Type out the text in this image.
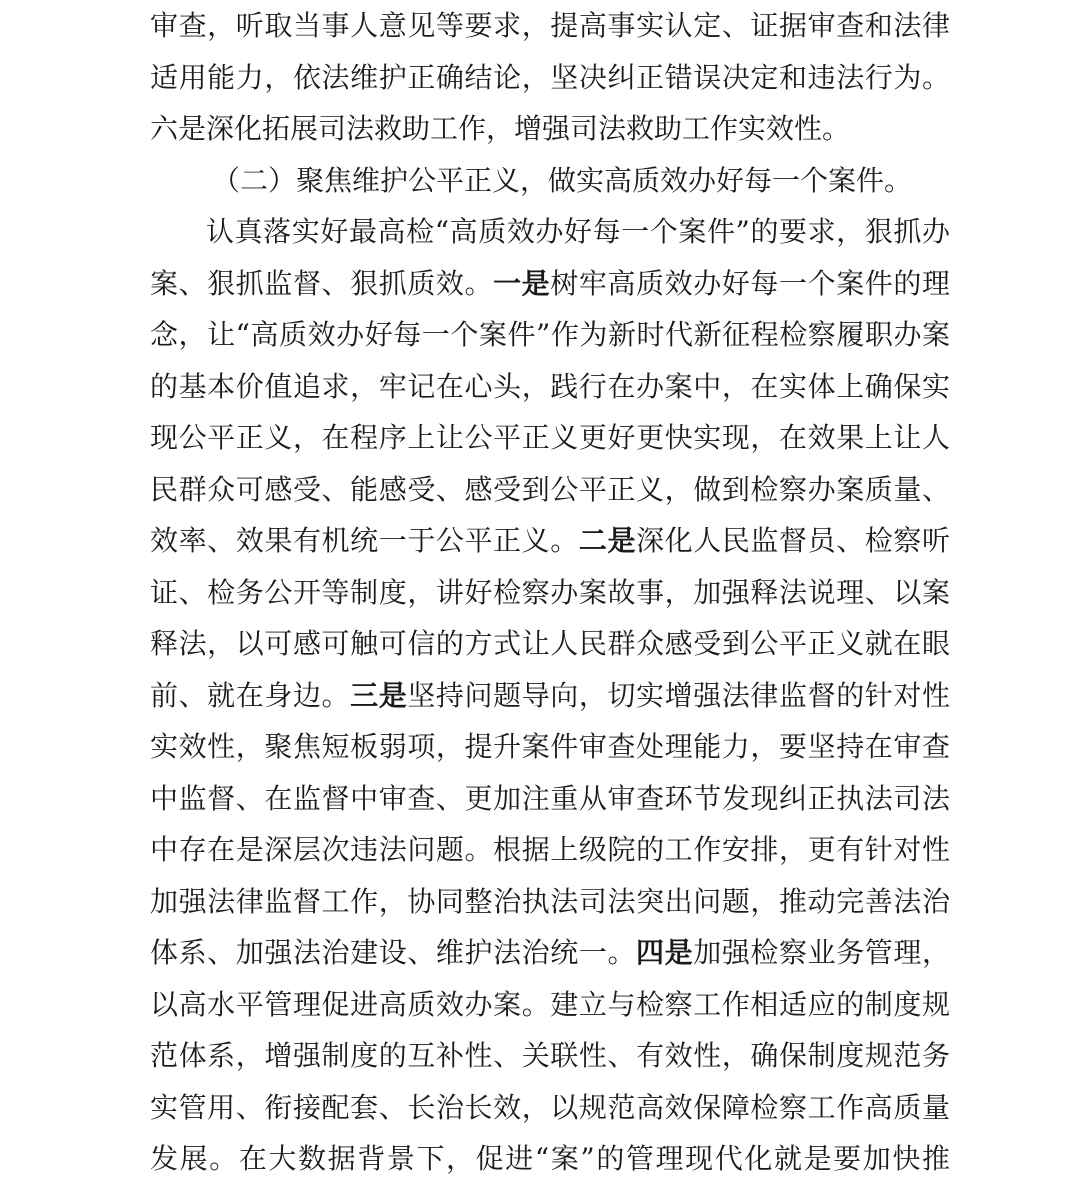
审查，听取当事人意见等要求，提高事实认定、证据审查和法律
适用能力，依法维护正确结论，坚决纠正错误决定和违法行为。
六是深化拓展司法救助工作，增强司法救助工作实效性。
（二）聚焦维护公平正义，做实高质效办好每一个案件。
认真落实好最高检“高质效办好每一个案件”的要求，狠抓办
案、狠抓监督、狠抓质效。一是树牢高质效办好每一个案件的理
念，让“高质效办好每一个案件”作为新时代新征程检察履职办案
的基本价值追求，牢记在心头，践行在办案中，在实体上确保实
现公平正义，在程序上让公平正义更好更快实现，在效果上让人
民群众可感受、能感受、感受到公平正义，做到检察办案质量、
效率、效果有机统一于公平正义。二是深化人民监督员、检察听
证、检务公开等制度，讲好检察办案故事，加强释法说理、以案
释法，以可感可触可信的方式让人民群众感受到公平正义就在眼
前、就在身边。三是坚持问题导向，切实增强法律监督的针对性
实效性，聚焦短板弱项，提升案件审查处理能力，要坚持在审查
中监督、在监督中审查、更加注重从审查环节发现纠正执法司法
中存在是深层次违法问题。根据上级院的工作安排，更有针对性
加强法律监督工作，协同整治执法司法突出问题，推动完善法治
体系、加强法治建设、维护法治统一。四是加强检察业务管理，
以高水平管理促进高质效办案。建立与检察工作相适应的制度规
范体系，增强制度的互补性、关联性、有效性，确保制度规范务
实管用、衔接配套、长治长效，以规范高效保障检察工作高质量
发展。在大数据背景下，促进“案”的管理现代化就是要加快推
